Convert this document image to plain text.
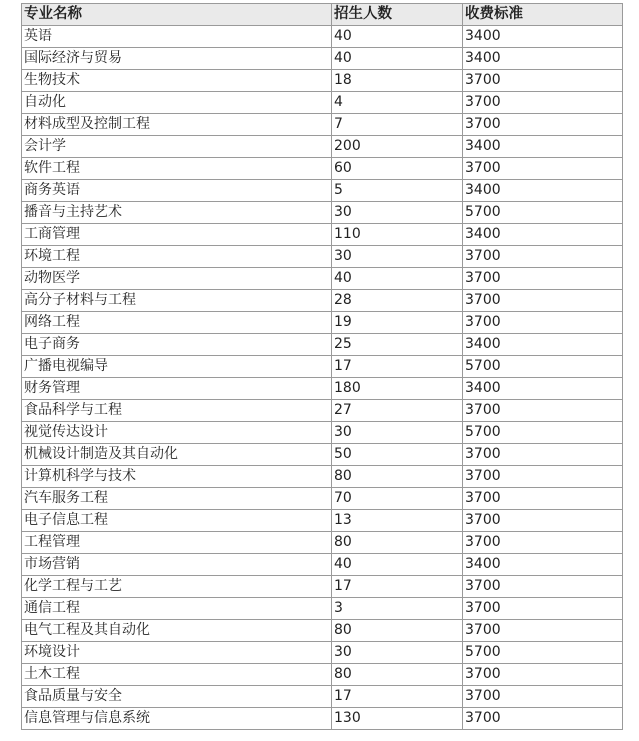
专业名称	招生人数	收费标准
英语	40	3400
国际经济与贸易	40	3400
生物技术	18	3700
自动化	4	3700
材料成型及控制工程	7	3700
会计学	200	3400
软件工程	60	3700
商务英语	5	3400
播音与主持艺术	30	5700
工商管理	110	3400
环境工程	30	3700
动物医学	40	3700
高分子材料与工程	28	3700
网络工程	19	3700
电子商务	25	3400
广播电视编导	17	5700
财务管理	180	3400
食品科学与工程	27	3700
视觉传达设计	30	5700
机械设计制造及其自动化	50	3700
计算机科学与技术	80	3700
汽车服务工程	70	3700
电子信息工程	13	3700
工程管理	80	3700
市场营销	40	3400
化学工程与工艺	17	3700
通信工程	3	3700
电气工程及其自动化	80	3700
环境设计	30	5700
土木工程	80	3700
食品质量与安全	17	3700
信息管理与信息系统	130	3700
